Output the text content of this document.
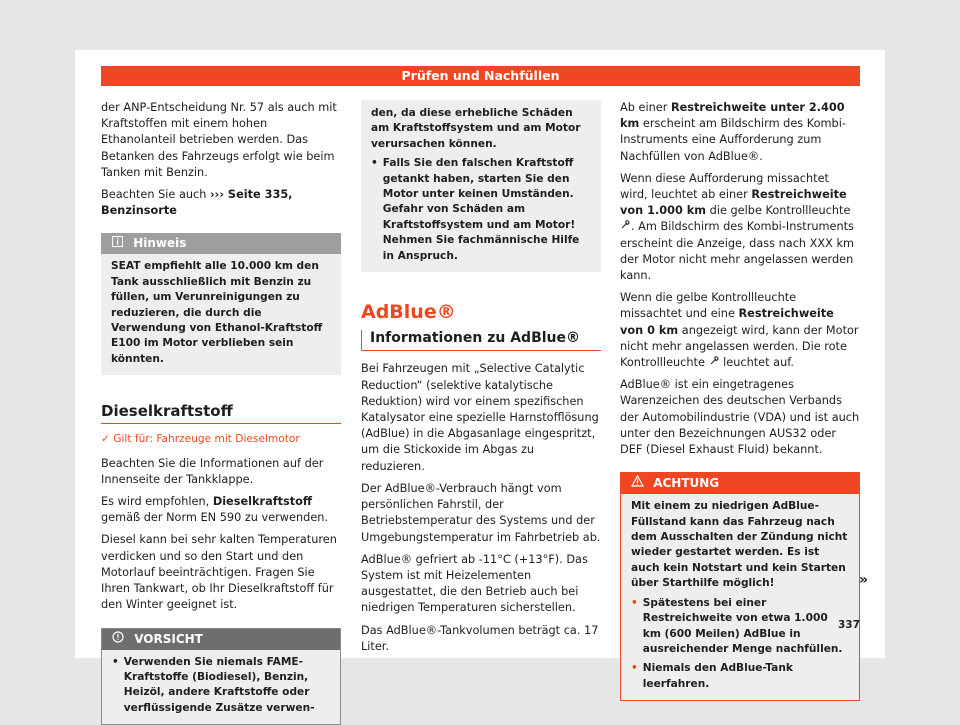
Prüfen und Nachfüllen

der ANP-Entscheidung Nr. 57 als auch mit Kraftstoffen mit einem hohen Ethanolanteil betrieben werden. Das Betanken des Fahrzeugs erfolgt wie beim Tanken mit Benzin.

Beachten Sie auch ››› Seite 335, Benzinsorte

Hinweis
SEAT empfiehlt alle 10.000 km den Tank ausschließlich mit Benzin zu füllen, um Verunreinigungen zu reduzieren, die durch die Verwendung von Ethanol-Kraftstoff E100 im Motor verblieben sein könnten.
Dieselkraftstoff
✓ Gilt für: Fahrzeuge mit Dieselmotor

Beachten Sie die Informationen auf der Innenseite der Tankklappe.

Es wird empfohlen, Dieselkraftstoff gemäß der Norm EN 590 zu verwenden.

Diesel kann bei sehr kalten Temperaturen verdicken und so den Start und den Motorlauf beeinträchtigen. Fragen Sie Ihren Tankwart, ob Ihr Dieselkraftstoff für den Winter geeignet ist.

VORSICHT
• Verwenden Sie niemals FAME-Kraftstoffe (Biodiesel), Benzin, Heizöl, andere Kraftstoffe oder verflüssigende Zusätze verwen-
den, da diese erhebliche Schäden am Kraftstoffsystem und am Motor verursachen können.
• Falls Sie den falschen Kraftstoff getankt haben, starten Sie den Motor unter keinen Umständen. Gefahr von Schäden am Kraftstoffsystem und am Motor! Nehmen Sie fachmännische Hilfe in Anspruch.
AdBlue®
Informationen zu AdBlue®

Bei Fahrzeugen mit „Selective Catalytic Reduction“ (selektive katalytische Reduktion) wird vor einem spezifischen Katalysator eine spezielle Harnstofflösung (AdBlue) in die Abgasanlage eingespritzt, um die Stickoxide im Abgas zu reduzieren.

Der AdBlue®-Verbrauch hängt vom persönlichen Fahrstil, der Betriebstemperatur des Systems und der Umgebungstemperatur im Fahrbetrieb ab.

AdBlue® gefriert ab -11°C (+13°F). Das System ist mit Heizelementen ausgestattet, die den Betrieb auch bei niedrigen Temperaturen sicherstellen.

Das AdBlue®-Tankvolumen beträgt ca. 17 Liter.

Ab einer Restreichweite unter 2.400 km erscheint am Bildschirm des Kombi-Instruments eine Aufforderung zum Nachfüllen von AdBlue®.

Wenn diese Aufforderung missachtet wird, leuchtet ab einer Restreichweite von 1.000 km die gelbe Kontrollleuchte . Am Bildschirm des Kombi-Instruments erscheint die Anzeige, dass nach XXX km der Motor nicht mehr angelassen werden kann.

Wenn die gelbe Kontrollleuchte missachtet und eine Restreichweite von 0 km angezeigt wird, kann der Motor nicht mehr angelassen werden. Die rote Kontrollleuchte leuchtet auf.

AdBlue® ist ein eingetragenes Warenzeichen des deutschen Verbands der Automobilindustrie (VDA) und ist auch unter den Bezeichnungen AUS32 oder DEF (Diesel Exhaust Fluid) bekannt.

ACHTUNG
Mit einem zu niedrigen AdBlue-Füllstand kann das Fahrzeug nach dem Ausschalten der Zündung nicht wieder gestartet werden. Es ist auch kein Notstart und kein Starten über Starthilfe möglich!
• Spätestens bei einer Restreichweite von etwa 1.000 km (600 Meilen) AdBlue in ausreichender Menge nachfüllen.
• Niemals den AdBlue-Tank leerfahren.
»
337
